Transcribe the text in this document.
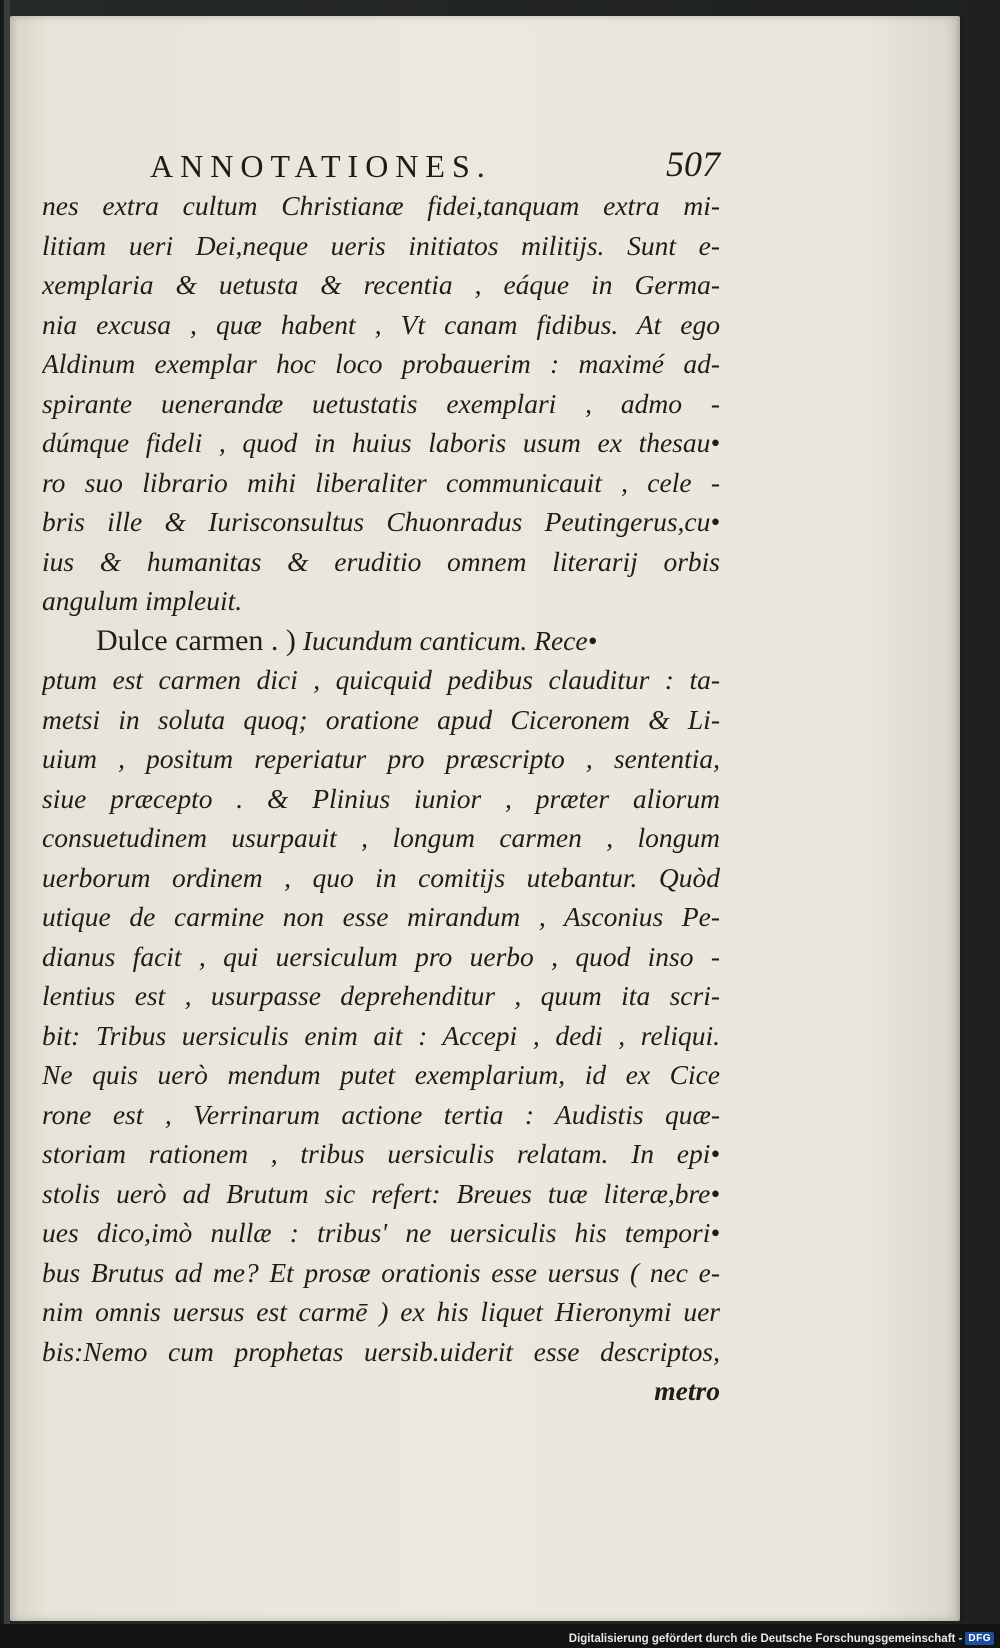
ANNOTATIONES.	507
nes extra cultum Christianæ fidei,tanquam extra mi-
litiam ueri Dei,neque ueris initiatos militijs. Sunt e-
xemplaria & uetusta & recentia , eáque in Germa-
nia excusa , quæ habent , Vt canam fidibus. At ego
Aldinum exemplar hoc loco probauerim : maximé ad-
spirante uenerandæ uetustatis exemplari , admo -
dúmque fideli , quod in huius laboris usum ex thesau•
ro suo librario mihi liberaliter communicauit , cele -
bris ille & Iurisconsultus Chuonradus Peutingerus,cu•
ius & humanitas & eruditio omnem literarij orbis
angulum impleuit.
Dulce carmen . ) Iucundum canticum. Rece•
ptum est carmen dici , quicquid pedibus clauditur : ta-
metsi in soluta quoq; oratione apud Ciceronem & Li-
uium , positum reperiatur pro præscripto , sententia,
siue præcepto . & Plinius iunior , præter aliorum
consuetudinem usurpauit , longum carmen , longum
uerborum ordinem , quo in comitijs utebantur. Quòd
utique de carmine non esse mirandum , Asconius Pe-
dianus facit , qui uersiculum pro uerbo , quod inso -
lentius est , usurpasse deprehenditur , quum ita scri-
bit: Tribus uersiculis enim ait : Accepi , dedi , reliqui.
Ne quis uerò mendum putet exemplarium, id ex Cice
rone est , Verrinarum actione tertia : Audistis quæ-
storiam rationem , tribus uersiculis relatam. In epi•
stolis uerò ad Brutum sic refert: Breues tuæ literæ,bre•
ues dico,imò nullæ : tribus' ne uersiculis his tempori•
bus Brutus ad me? Et prosæ orationis esse uersus ( nec e-
nim omnis uersus est carmē ) ex his liquet Hieronymi uer
bis:Nemo cum prophetas uersib.uiderit esse descriptos,
metro
Digitalisierung gefördert durch die Deutsche Forschungsgemeinschaft - DFG
